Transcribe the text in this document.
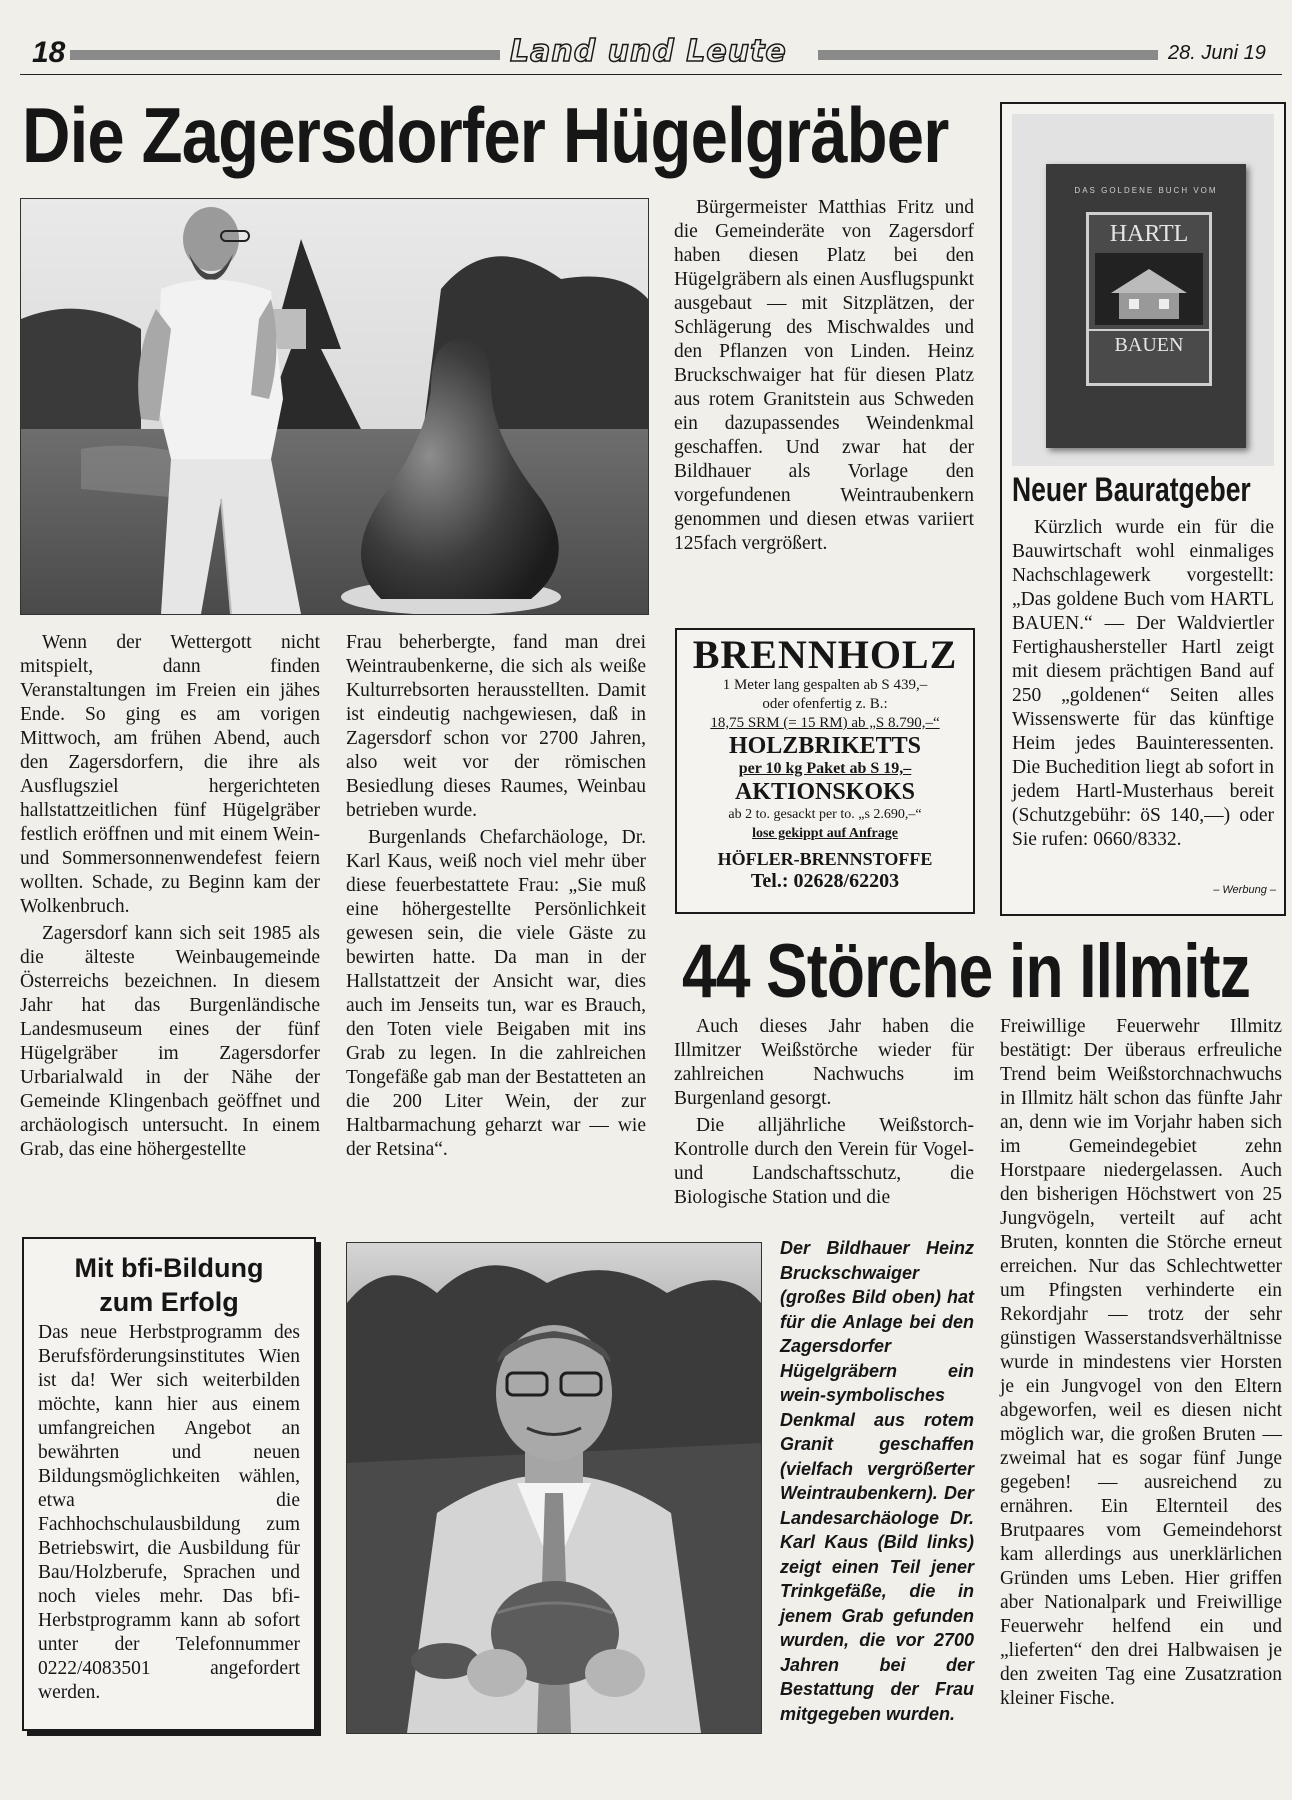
18	Land und Leute	28. Juni 19
Die Zagersdorfer Hügelgräber

Bürgermeister Matthias Fritz und die Gemeinderäte von Zagersdorf haben diesen Platz bei den Hügelgräbern als einen Ausflugspunkt ausgebaut — mit Sitzplätzen, der Schlägerung des Mischwaldes und den Pflanzen von Linden. Heinz Bruckschwaiger hat für diesen Platz aus rotem Granitstein aus Schweden ein dazupassendes Weindenkmal geschaffen. Und zwar hat der Bildhauer als Vorlage den vorgefundenen Weintraubenkern genommen und diesen etwas variiert 125fach vergrößert.

Wenn der Wettergott nicht mitspielt, dann finden Veranstaltungen im Freien ein jähes Ende. So ging es am vorigen Mittwoch, am frühen Abend, auch den Zagersdorfern, die ihre als Ausflugsziel hergerichteten hallstattzeitlichen fünf Hügelgräber festlich eröffnen und mit einem Wein- und Sommersonnenwendefest feiern wollten. Schade, zu Beginn kam der Wolkenbruch.

Zagersdorf kann sich seit 1985 als die älteste Weinbaugemeinde Österreichs bezeichnen. In diesem Jahr hat das Burgenländische Landesmuseum eines der fünf Hügelgräber im Zagersdorfer Urbarialwald in der Nähe der Gemeinde Klingenbach geöffnet und archäologisch untersucht. In einem Grab, das eine höhergestellte

Frau beherbergte, fand man drei Weintraubenkerne, die sich als weiße Kulturrebsorten herausstellten. Damit ist eindeutig nachgewiesen, daß in Zagersdorf schon vor 2700 Jahren, also weit vor der römischen Besiedlung dieses Raumes, Weinbau betrieben wurde.

Burgenlands Chefarchäologe, Dr. Karl Kaus, weiß noch viel mehr über diese feuerbestattete Frau: „Sie muß eine höhergestellte Persönlichkeit gewesen sein, die viele Gäste zu bewirten hatte. Da man in der Hallstattzeit der Ansicht war, dies auch im Jenseits tun, war es Brauch, den Toten viele Beigaben mit ins Grab zu legen. In die zahlreichen Tongefäße gab man der Bestatteten an die 200 Liter Wein, der zur Haltbarmachung geharzt war — wie der Retsina“.

BRENNHOLZ
1 Meter lang gespalten ab S 439,–
oder ofenfertig z. B.:
18,75 SRM (= 15 RM) ab „S 8.790,–“
HOLZBRIKETTS
per 10 kg Paket ab S 19,–
AKTIONSKOKS
ab 2 to. gesackt per to. „s 2.690,–“
lose gekippt auf Anfrage
HÖFLER-BRENNSTOFFE
Tel.: 02628/62203
DAS GOLDENE BUCH VOM
HARTL
BAUEN
Neuer Bauratgeber

Kürzlich wurde ein für die Bauwirtschaft wohl einmaliges Nachschlagewerk vorgestellt: „Das goldene Buch vom HARTL BAUEN.“ — Der Waldviertler Fertighaushersteller Hartl zeigt mit diesem prächtigen Band auf 250 „goldenen“ Seiten alles Wissenswerte für das künftige Heim jedes Bauinteressenten. Die Buchedition liegt ab sofort in jedem Hartl-Musterhaus bereit (Schutzgebühr: öS 140,—) oder Sie rufen: 0660/8332.

– Werbung –
44 Störche in Illmitz

Auch dieses Jahr haben die Illmitzer Weißstörche wieder für zahlreichen Nachwuchs im Burgenland gesorgt.

Die alljährliche Weißstorch-Kontrolle durch den Verein für Vogel- und Landschaftsschutz, die Biologische Station und die

Freiwillige Feuerwehr Illmitz bestätigt: Der überaus erfreuliche Trend beim Weißstorchnachwuchs in Illmitz hält schon das fünfte Jahr an, denn wie im Vorjahr haben sich im Gemeindegebiet zehn Horstpaare niedergelassen. Auch den bisherigen Höchstwert von 25 Jungvögeln, verteilt auf acht Bruten, konnten die Störche erneut erreichen. Nur das Schlechtwetter um Pfingsten verhinderte ein Rekordjahr — trotz der sehr günstigen Wasserstandsverhältnisse wurde in mindestens vier Horsten je ein Jungvogel von den Eltern abgeworfen, weil es diesen nicht möglich war, die großen Bruten — zweimal hat es sogar fünf Junge gegeben! — ausreichend zu ernähren. Ein Elternteil des Brutpaares vom Gemeindehorst kam allerdings aus unerklärlichen Gründen ums Leben. Hier griffen aber Nationalpark und Freiwillige Feuerwehr helfend ein und „lieferten“ den drei Halbwaisen je den zweiten Tag eine Zusatzration kleiner Fische.

Mit bfi-Bildung
zum Erfolg
Das neue Herbstprogramm des Berufsförderungsinstitutes Wien ist da! Wer sich weiterbilden möchte, kann hier aus einem umfangreichen Angebot an bewährten und neuen Bildungsmöglichkeiten wählen, etwa die Fachhochschulausbildung zum Betriebswirt, die Ausbildung für Bau/Holzberufe, Sprachen und noch vieles mehr. Das bfi-Herbstprogramm kann ab sofort unter der Telefonnummer 0222/4083501 angefordert werden.
Der Bildhauer Heinz Bruckschwaiger (großes Bild oben) hat für die Anlage bei den Zagersdorfer Hügelgräbern ein wein-symbolisches Denkmal aus rotem Granit geschaffen (vielfach vergrößerter Weintraubenkern). Der Landesarchäologe Dr. Karl Kaus (Bild links) zeigt einen Teil jener Trinkgefäße, die in jenem Grab gefunden wurden, die vor 2700 Jahren bei der Bestattung der Frau mitgegeben wurden.
